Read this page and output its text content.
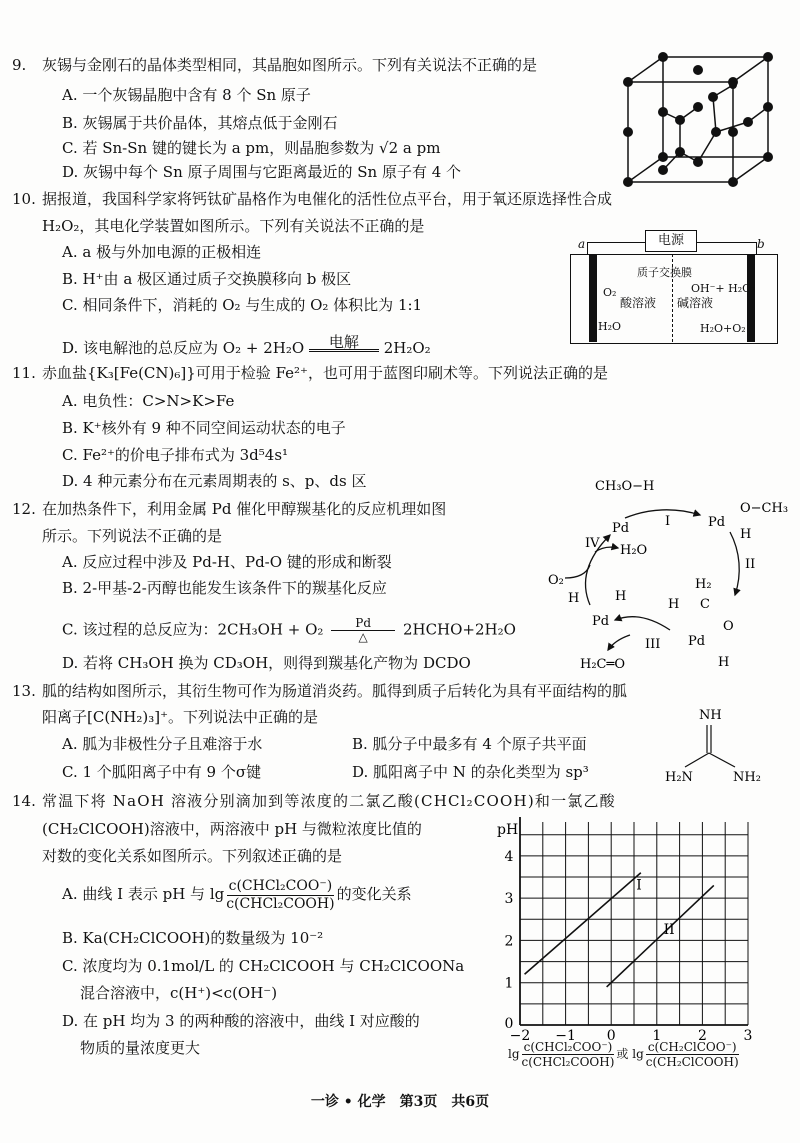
9. 灰锡与金刚石的晶体类型相同，其晶胞如图所示。下列有关说法不正确的是
A. 一个灰锡晶胞中含有 8 个 Sn 原子
B. 灰锡属于共价晶体，其熔点低于金刚石
C. 若 Sn-Sn 键的键长为 a pm，则晶胞参数为 √2 a pm
D. 灰锡中每个 Sn 原子周围与它距离最近的 Sn 原子有 4 个
10. 据报道，我国科学家将钙钛矿晶格作为电催化的活性位点平台，用于氧还原选择性合成
H₂O₂，其电化学装置如图所示。下列有关说法不正确的是
A. a 极与外加电源的正极相连
B. H⁺由 a 极区通过质子交换膜移向 b 极区
C. 相同条件下，消耗的 O₂ 与生成的 O₂ 体积比为 1:1
D. 该电解池的总反应为 O₂ + 2H₂O 电解 2H₂O₂
电源
a	b
质子交换膜
酸溶液 碱溶液
O₂
H₂O
OH⁻+ H₂O₂
H₂O+O₂
11. 赤血盐{K₃[Fe(CN)₆]}可用于检验 Fe²⁺，也可用于蓝图印刷术等。下列说法正确的是
A. 电负性：C>N>K>Fe
B. K⁺核外有 9 种不同空间运动状态的电子
C. Fe²⁺的价电子排布式为 3d⁵4s¹
D. 4 种元素分布在元素周期表的 s、p、ds 区
12. 在加热条件下，利用金属 Pd 催化甲醇羰基化的反应机理如图
所示。下列说法不正确的是
A. 反应过程中涉及 Pd-H、Pd-O 键的形成和断裂
B. 2-甲基-2-丙醇也能发生该条件下的羰基化反应
C. 该过程的总反应为：2CH₃OH + O₂	Pd
△ 2HCHO+2H₂O
D. 若将 CH₃OH 换为 CD₃OH，则得到羰基化产物为 DCDO
CH₃O−H
Pd	I	Pd
O−CH₃
H
II
IV H₂O
O₂
H	H
Pd
H₂
H C
O
Pd
H
III
H₂C═O
13. 胍的结构如图所示，其衍生物可作为肠道消炎药。胍得到质子后转化为具有平面结构的胍
阳离子[C(NH₂)₃]⁺。下列说法中正确的是
A. 胍为非极性分子且难溶于水	B. 胍分子中最多有 4 个原子共平面
C. 1 个胍阳离子中有 9 个σ键	D. 胍阳离子中 N 的杂化类型为 sp³
NH
H₂N	NH₂
14. 常温下将 NaOH 溶液分别滴加到等浓度的二氯乙酸(CHCl₂COOH)和一氯乙酸
(CH₂ClCOOH)溶液中，两溶液中 pH 与微粒浓度比值的
对数的变化关系如图所示。下列叙述正确的是
A. 曲线 I 表示 pH 与 $\lg \frac{\text{c(CHCl₂COO⁻)}}{\text{c(CHCl₂COOH)}}$ 的变化关系
B. Ka(CH₂ClCOOH)的数量级为 10⁻²
C. 浓度均为 0.1mol/L 的 CH₂ClCOOH 与 CH₂ClCOONa
混合溶液中，c(H⁺)<c(OH⁻)
D. 在 pH 均为 3 的两种酸的溶液中，曲线 I 对应酸的
物质的量浓度更大
pH
0
1
2
3
4
−2 −1 0	1	2	3
I
II
$\lg \frac{\text{c(CHCl₂COO⁻)}}{\text{c(CHCl₂COOH)}}$ 或 $\lg \frac{\text{c(CH₂ClCOO⁻)}}{\text{c(CH₂ClCOOH)}}$
一诊 • 化学　第3页　共6页
